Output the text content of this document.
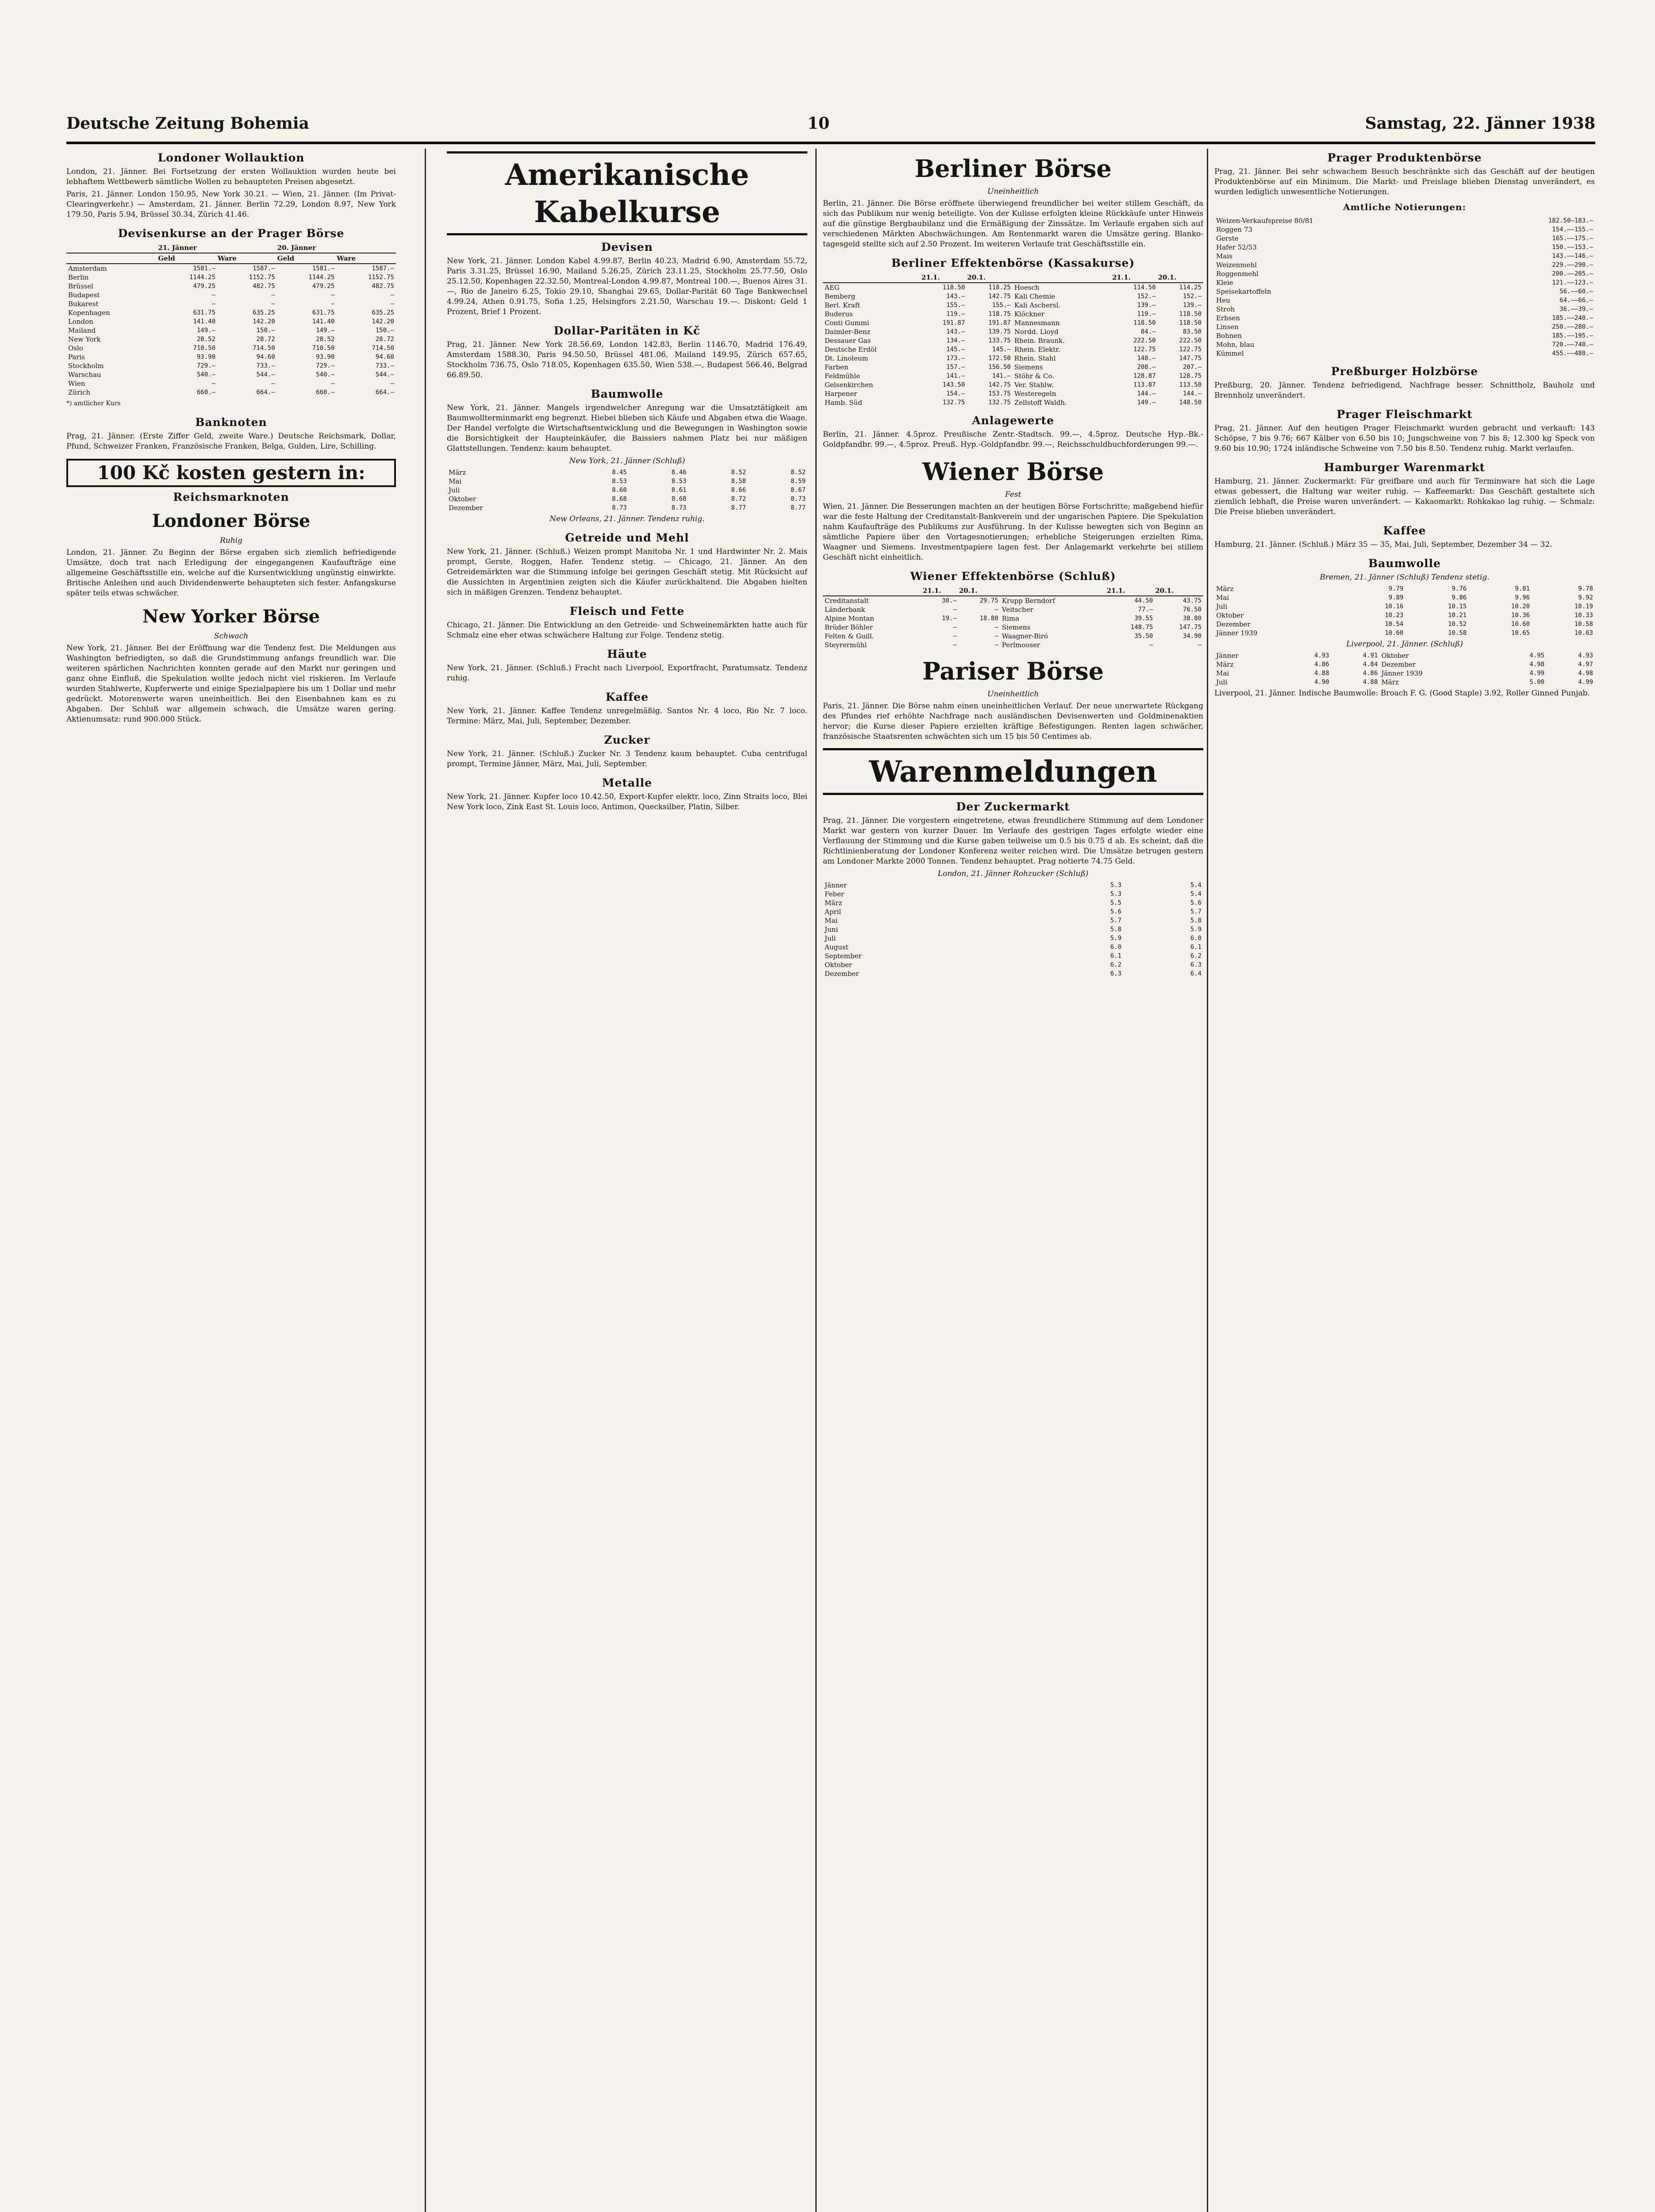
Deutsche Zeitung Bohemia	10	Samstag, 22. Jänner 1938
Londoner Wollauktion

London, 21. Jänner. Bei Fortsetzung der ersten Wollauktion wurden heute bei lebhaftem Wettbewerb sämtliche Wollen zu behaupteten Preisen abgesetzt.

Paris, 21. Jänner. London 150.95, New York 30.21. — Wien, 21. Jänner. (Im Privat-Clearingverkehr.) — Amsterdam, 21. Jänner. Berlin 72.29, London 8.97, New York 179.50, Paris 5.94, Brüssel 30.34, Zürich 41.46.

Devisenkurse an der Prager Börse
	21. Jänner		20. Jänner	
	Geld	Ware	Geld	Ware
Amsterdam	1581.—	1587.—	1581.—	1587.—
Berlin	1144.25	1152.75	1144.25	1152.75
Brüssel	479.25	482.75	479.25	482.75
Budapest	—	—	—	—
Bukarest	—	—	—	—
Kopenhagen	631.75	635.25	631.75	635.25
London	141.40	142.20	141.40	142.20
Mailand	149.—	150.—	149.—	150.—
New York	28.52	28.72	28.52	28.72
Oslo	710.50	714.50	710.50	714.50
Paris	93.90	94.60	93.90	94.60
Stockholm	729.—	733.—	729.—	733.—
Warschau	540.—	544.—	540.—	544.—
Wien	—	—	—	—
Zürich	660.—	664.—	660.—	664.—
*) amtlicher Kurs
Banknoten

Prag, 21. Jänner. (Erste Ziffer Geld, zweite Ware.) Deutsche Reichsmark, Dollar, Pfund, Schweizer Franken, Französische Franken, Belga, Gulden, Lire, Schilling.

100 Kč kosten gestern in:
Reichsmarknoten
Londoner Börse
Ruhig

London, 21. Jänner. Zu Beginn der Börse ergaben sich ziemlich befriedigende Umsätze, doch trat nach Erledigung der eingegangenen Kaufaufträge eine allgemeine Geschäftsstille ein, welche auf die Kursentwicklung ungünstig einwirkte. Britische Anleihen und auch Dividendenwerte behaupteten sich fester. Anfangskurse später teils etwas schwächer.

New Yorker Börse
Schwach

New York, 21. Jänner. Bei der Eröffnung war die Tendenz fest. Die Meldungen aus Washington befriedigten, so daß die Grundstimmung anfangs freundlich war. Die weiteren spärlichen Nachrichten konnten gerade auf den Markt nur geringen und ganz ohne Einfluß, die Spekulation wollte jedoch nicht viel riskieren. Im Verlaufe wurden Stahlwerte, Kupferwerte und einige Spezialpapiere bis um 1 Dollar und mehr gedrückt. Motorenwerte waren uneinheitlich. Bei den Eisenbahnen kam es zu Abgaben. Der Schluß war allgemein schwach, die Umsätze waren gering. Aktienumsatz: rund 900.000 Stück.

Amerikanische Kabelkurse
Devisen

New York, 21. Jänner. London Kabel 4.99.87, Berlin 40.23, Madrid 6.90, Amsterdam 55.72, Paris 3.31.25, Brüssel 16.90, Mailand 5.26.25, Zürich 23.11.25, Stockholm 25.77.50, Oslo 25.12.50, Kopenhagen 22.32.50, Montreal-London 4.99.87, Montreal 100.—, Buenos Aires 31.—, Rio de Janeiro 6.25, Tokio 29.10, Shanghai 29.65, Dollar-Parität 60 Tage Bankwechsel 4.99.24, Athen 0.91.75, Sofia 1.25, Helsingfors 2.21.50, Warschau 19.—. Diskont: Geld 1 Prozent, Brief 1 Prozent.

Dollar-Paritäten in Kč

Prag, 21. Jänner. New York 28.56.69, London 142.83, Berlin 1146.70, Madrid 176.49, Amsterdam 1588.30, Paris 94.50.50, Brüssel 481.06, Mailand 149.95, Zürich 657.65, Stockholm 736.75, Oslo 718.05, Kopenhagen 635.50, Wien 538.—, Budapest 566.46, Belgrad 66.89.50.

Baumwolle

New York, 21. Jänner. Mangels irgendwelcher Anregung war die Umsatztätigkeit am Baumwollterminmarkt eng begrenzt. Hiebei blieben sich Käufe und Abgaben etwa die Waage. Der Handel verfolgte die Wirtschaftsentwicklung und die Bewegungen in Washington sowie die Borsichtigkeit der Haupteinkäufer, die Baissiers nahmen Platz bei nur mäßigen Glattstellungen. Tendenz: kaum behauptet.

New York, 21. Jänner (Schluß)
März	8.45	8.46	8.52	8.52
Mai	8.53	8.53	8.58	8.59
Juli	8.60	8.61	8.66	8.67
Oktober	8.68	8.68	8.72	8.73
Dezember	8.73	8.73	8.77	8.77
New Orleans, 21. Jänner. Tendenz ruhig.
Getreide und Mehl

New York, 21. Jänner. (Schluß.) Weizen prompt Manitoba Nr. 1 und Hardwinter Nr. 2. Mais prompt, Gerste, Roggen, Hafer. Tendenz stetig. — Chicago, 21. Jänner. An den Getreidemärkten war die Stimmung infolge bei geringen Geschäft stetig. Mit Rücksicht auf die Aussichten in Argentinien zeigten sich die Käufer zurückhaltend. Die Abgaben hielten sich in mäßigen Grenzen. Tendenz behauptet.

Fleisch und Fette

Chicago, 21. Jänner. Die Entwicklung an den Getreide- und Schweinemärkten hatte auch für Schmalz eine eher etwas schwächere Haltung zur Folge. Tendenz stetig.

Häute

New York, 21. Jänner. (Schluß.) Fracht nach Liverpool, Exportfracht, Paratumsatz. Tendenz ruhig.

Kaffee

New York, 21. Jänner. Kaffee Tendenz unregelmäßig. Santos Nr. 4 loco, Rio Nr. 7 loco. Termine: März, Mai, Juli, September, Dezember.

Zucker

New York, 21. Jänner. (Schluß.) Zucker Nr. 3 Tendenz kaum behauptet. Cuba centrifugal prompt, Termine Jänner, März, Mai, Juli, September.

Metalle

New York, 21. Jänner. Kupfer loco 10.42.50, Export-Kupfer elektr. loco, Zinn Straits loco, Blei New York loco, Zink East St. Louis loco, Antimon, Quecksilber, Platin, Silber.

Berliner Börse
Uneinheitlich

Berlin, 21. Jänner. Die Börse eröffnete überwiegend freundlicher bei weiter stillem Geschäft, da sich das Publikum nur wenig beteiligte. Von der Kulisse erfolgten kleine Rückkäufe unter Hinweis auf die günstige Bergbaubilanz und die Ermäßigung der Zinssätze. Im Verlaufe ergaben sich auf verschiedenen Märkten Abschwächungen. Am Rentenmarkt waren die Umsätze gering. Blankotagesgeld stellte sich auf 2.50 Prozent. Im weiteren Verlaufe trat Geschäftsstille ein.

Berliner Effektenbörse (Kassakurse)
	21.1.	20.1.		21.1.	20.1.
AEG	118.50	118.25	Hoesch	114.50	114.25
Bemberg	143.—	142.75	Kali Chemie	152.—	152.—
Berl. Kraft	155.—	155.—	Kali Aschersl.	139.—	139.—
Buderus	119.—	118.75	Klöckner	119.—	118.50
Conti Gummi	191.87	191.87	Mannesmann	118.50	118.50
Daimler-Benz	143.—	139.75	Nordd. Lloyd	84.—	83.50
Dessauer Gas	134.—	133.75	Rhein. Braunk.	222.50	222.50
Deutsche Erdöl	145.—	145.—	Rhein. Elektr.	122.75	122.75
Dt. Linoleum	173.—	172.50	Rhein. Stahl	148.—	147.75
Farben	157.—	156.50	Siemens	208.—	207.—
Feldmühle	141.—	141.—	Stöhr & Co.	128.87	128.75
Gelsenkirchen	143.50	142.75	Ver. Stahlw.	113.87	113.50
Harpener	154.—	153.75	Westeregeln	144.—	144.—
Hamb. Süd	132.75	132.75	Zellstoff Waldh.	149.—	148.50
Anlagewerte

Berlin, 21. Jänner. 4.5proz. Preußische Zentr.-Stadtsch. 99.—, 4.5proz. Deutsche Hyp.-Bk.-Goldpfandbr. 99.—, 4.5proz. Preuß. Hyp.-Goldpfandbr. 99.—, Reichsschuldbuchforderungen 99.—.

Wiener Börse
Fest

Wien, 21. Jänner. Die Besserungen machten an der heutigen Börse Fortschritte; maßgebend hiefür war die feste Haltung der Creditanstalt-Bankverein und der ungarischen Papiere. Die Spekulation nahm Kaufaufträge des Publikums zur Ausführung. In der Kulisse bewegten sich von Beginn an sämtliche Papiere über den Vortagesnotierungen; erhebliche Steigerungen erzielten Rima, Waagner und Siemens. Investmentpapiere lagen fest. Der Anlagemarkt verkehrte bei stillem Geschäft nicht einheitlich.

Wiener Effektenbörse (Schluß)
	21.1.	20.1.		21.1.	20.1.
Creditanstalt	30.—	29.75	Krupp Berndorf	44.50	43.75
Länderbank	—	—	Veitscher	77.—	76.50
Alpine Montan	19.—	18.80	Rima	39.55	38.80
Brüder Böhler	—	—	Siemens	148.75	147.75
Felten & Guill.	—	—	Waagner-Biró	35.50	34.90
Steyrermühl	—	—	Perlmooser	—	—
Pariser Börse
Uneinheitlich

Paris, 21. Jänner. Die Börse nahm einen uneinheitlichen Verlauf. Der neue unerwartete Rückgang des Pfundes rief erhöhte Nachfrage nach ausländischen Devisenwerten und Goldminenaktien hervor; die Kurse dieser Papiere erzielten kräftige Befestigungen. Renten lagen schwächer, französische Staatsrenten schwächten sich um 15 bis 50 Centimes ab.

Warenmeldungen
Der Zuckermarkt

Prag, 21. Jänner. Die vorgestern eingetretene, etwas freundlichere Stimmung auf dem Londoner Markt war gestern von kurzer Dauer. Im Verlaufe des gestrigen Tages erfolgte wieder eine Verflauung der Stimmung und die Kurse gaben teilweise um 0.5 bis 0.75 d ab. Es scheint, daß die Richtlinienberatung der Londoner Konferenz weiter reichen wird. Die Umsätze betrugen gestern am Londoner Markte 2000 Tonnen. Tendenz behauptet. Prag notierte 74.75 Geld.

London, 21. Jänner Rohzucker (Schluß)
Jänner	5.3	5.4
Feber	5.3	5.4
März	5.5	5.6
April	5.6	5.7
Mai	5.7	5.8
Juni	5.8	5.9
Juli	5.9	6.0
August	6.0	6.1
September	6.1	6.2
Oktober	6.2	6.3
Dezember	6.3	6.4
Prager Produktenbörse

Prag, 21. Jänner. Bei sehr schwachem Besuch beschränkte sich das Geschäft auf der heutigen Produktenbörse auf ein Minimum. Die Markt- und Preislage blieben Dienstag unverändert, es wurden lediglich unwesentliche Notierungen.

Amtliche Notierungen:
Weizen-Verkaufspreise 80/81	182.50–183.—
Roggen 73	154.—–155.—
Gerste	165.—–175.—
Hafer 52/53	150.—–153.—
Mais	143.—–146.—
Weizenmehl	229.—–290.—
Roggenmehl	200.—–205.—
Kleie	121.—–123.—
Speisekartoffeln	56.—–60.—
Heu	64.—–66.—
Stroh	36.—–39.—
Erbsen	185.—–240.—
Linsen	250.—–280.—
Bohnen	185.—–195.—
Mohn, blau	720.—–740.—
Kümmel	455.—–480.—
Preßburger Holzbörse

Preßburg, 20. Jänner. Tendenz befriedigend, Nachfrage besser. Schnittholz, Bauholz und Brennholz unverändert.

Prager Fleischmarkt

Prag, 21. Jänner. Auf den heutigen Prager Fleischmarkt wurden gebracht und verkauft: 143 Schöpse, 7 bis 9.76; 667 Kälber von 6.50 bis 10; Jungschweine von 7 bis 8; 12.300 kg Speck von 9.60 bis 10.90; 1724 inländische Schweine von 7.50 bis 8.50. Tendenz ruhig. Markt verlaufen.

Hamburger Warenmarkt

Hamburg, 21. Jänner. Zuckermarkt: Für greifbare und auch für Terminware hat sich die Lage etwas gebessert, die Haltung war weiter ruhig. — Kaffeemarkt: Das Geschäft gestaltete sich ziemlich lebhaft, die Preise waren unverändert. — Kakaomarkt: Rohkakao lag ruhig. — Schmalz: Die Preise blieben unverändert.

Kaffee

Hamburg, 21. Jänner. (Schluß.) März 35 — 35, Mai, Juli, September, Dezember 34 — 32.

Baumwolle
Bremen, 21. Jänner (Schluß) Tendenz stetig.
März	9.79	9.76	9.81	9.78
Mai	9.89	9.86	9.96	9.92
Juli	10.16	10.15	10.20	10.19
Oktober	10.23	10.21	10.36	10.33
Dezember	10.54	10.52	10.60	10.58
Jänner 1939	10.60	10.58	10.65	10.63
Liverpool, 21. Jänner. (Schluß)
Jänner	4.93	4.91	Oktober	4.95	4.93
März	4.86	4.84	Dezember	4.98	4.97
Mai	4.88	4.86	Jänner 1939	4.99	4.98
Juli	4.90	4.88	März	5.00	4.99

Liverpool, 21. Jänner. Indische Baumwolle: Broach F. G. (Good Staple) 3.92, Roller Ginned Punjab.
